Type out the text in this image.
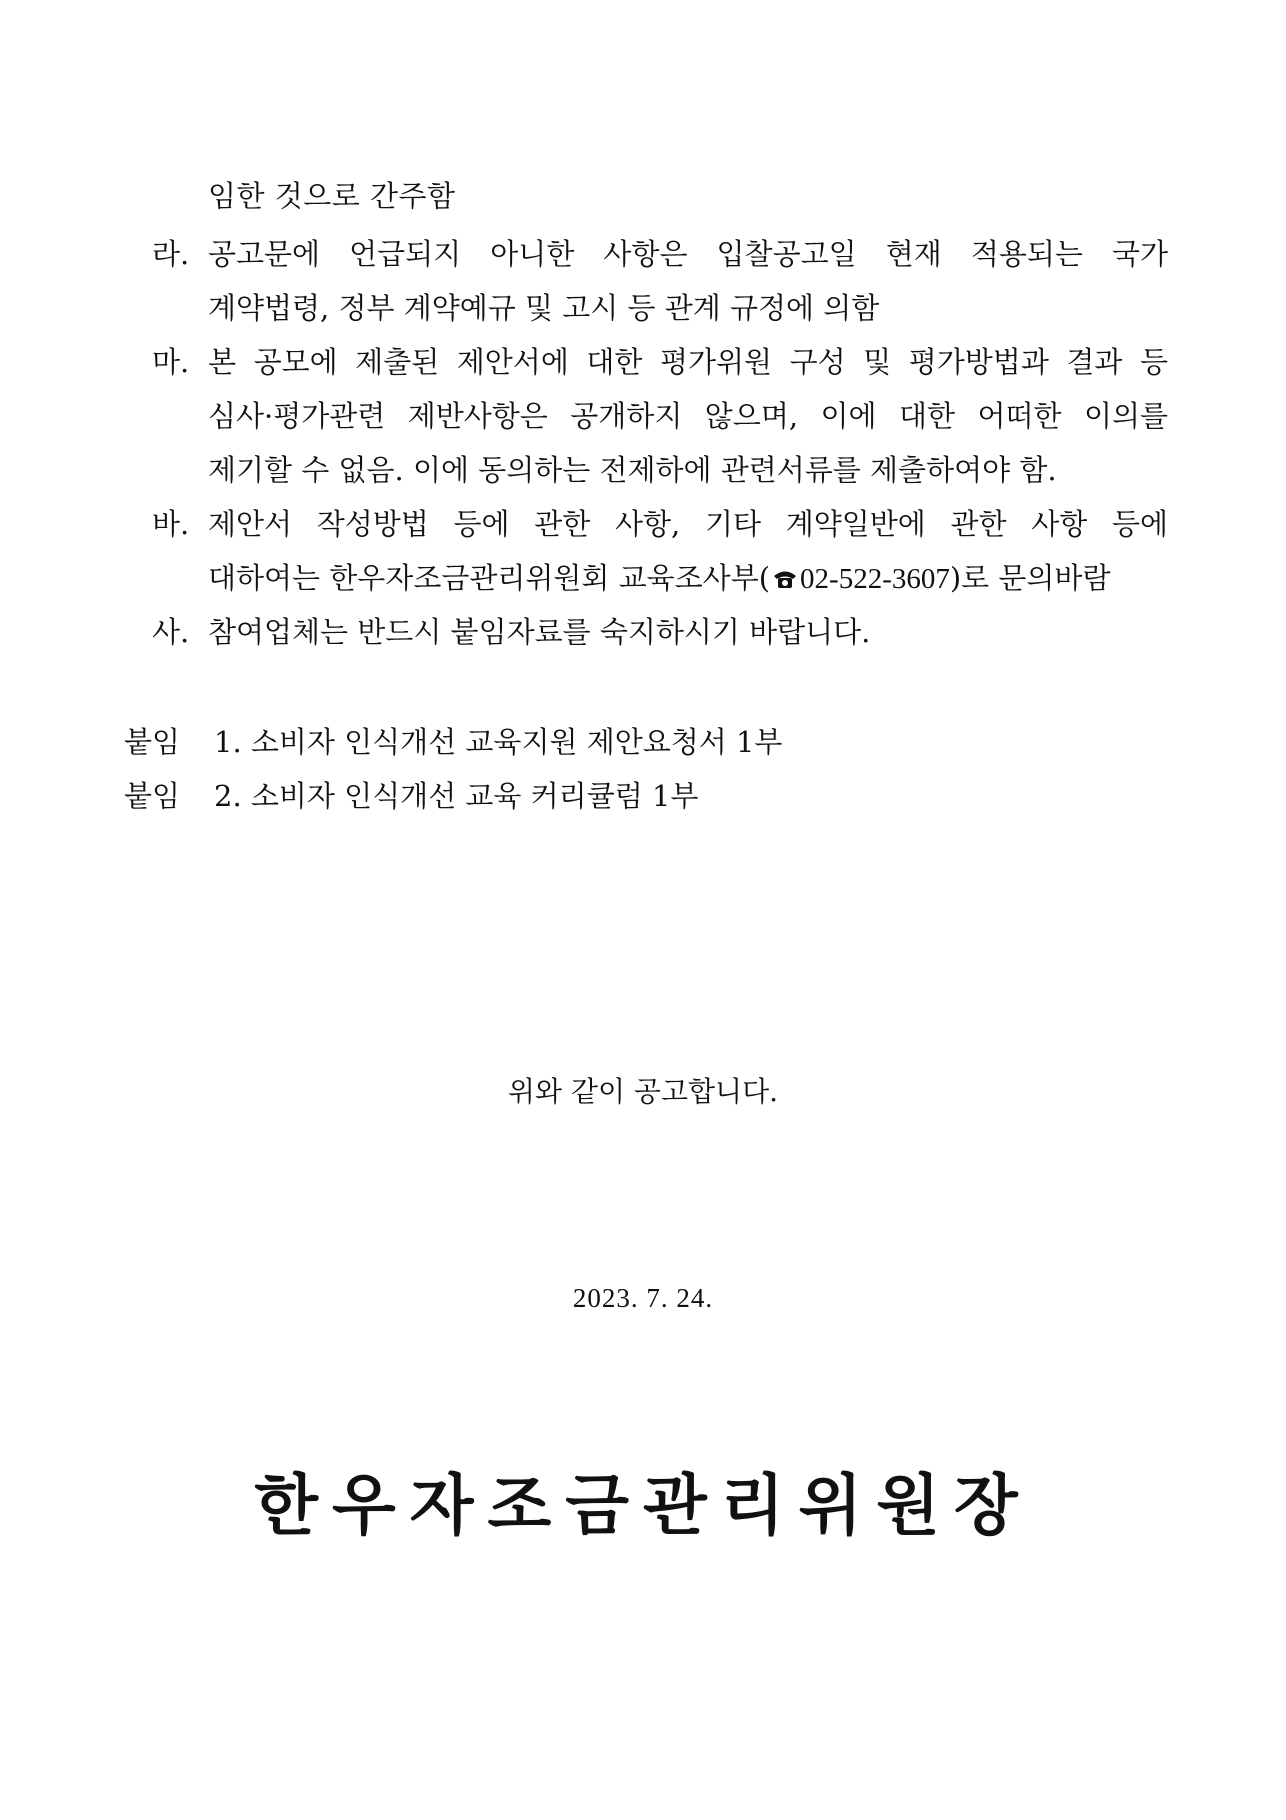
임한 것으로 간주함
라. 공고문에 언급되지 아니한 사항은 입찰공고일 현재 적용되는 국가
계약법령, 정부 계약예규 및 고시 등 관계 규정에 의함
마. 본 공모에 제출된 제안서에 대한 평가위원 구성 및 평가방법과 결과 등
심사·평가관련 제반사항은 공개하지 않으며, 이에 대한 어떠한 이의를
제기할 수 없음. 이에 동의하는 전제하에 관련서류를 제출하여야 함.
바. 제안서 작성방법 등에 관한 사항, 기타 계약일반에 관한 사항 등에
대하여는 한우자조금관리위원회 교육조사부( 02-522-3607)로 문의바람
사. 참여업체는 반드시 붙임자료를 숙지하시기 바랍니다.
붙임 1. 소비자 인식개선 교육지원 제안요청서 1부
붙임 2. 소비자 인식개선 교육 커리큘럼 1부
위와 같이 공고합니다.
2023. 7. 24.
한우자조금관리위원장
